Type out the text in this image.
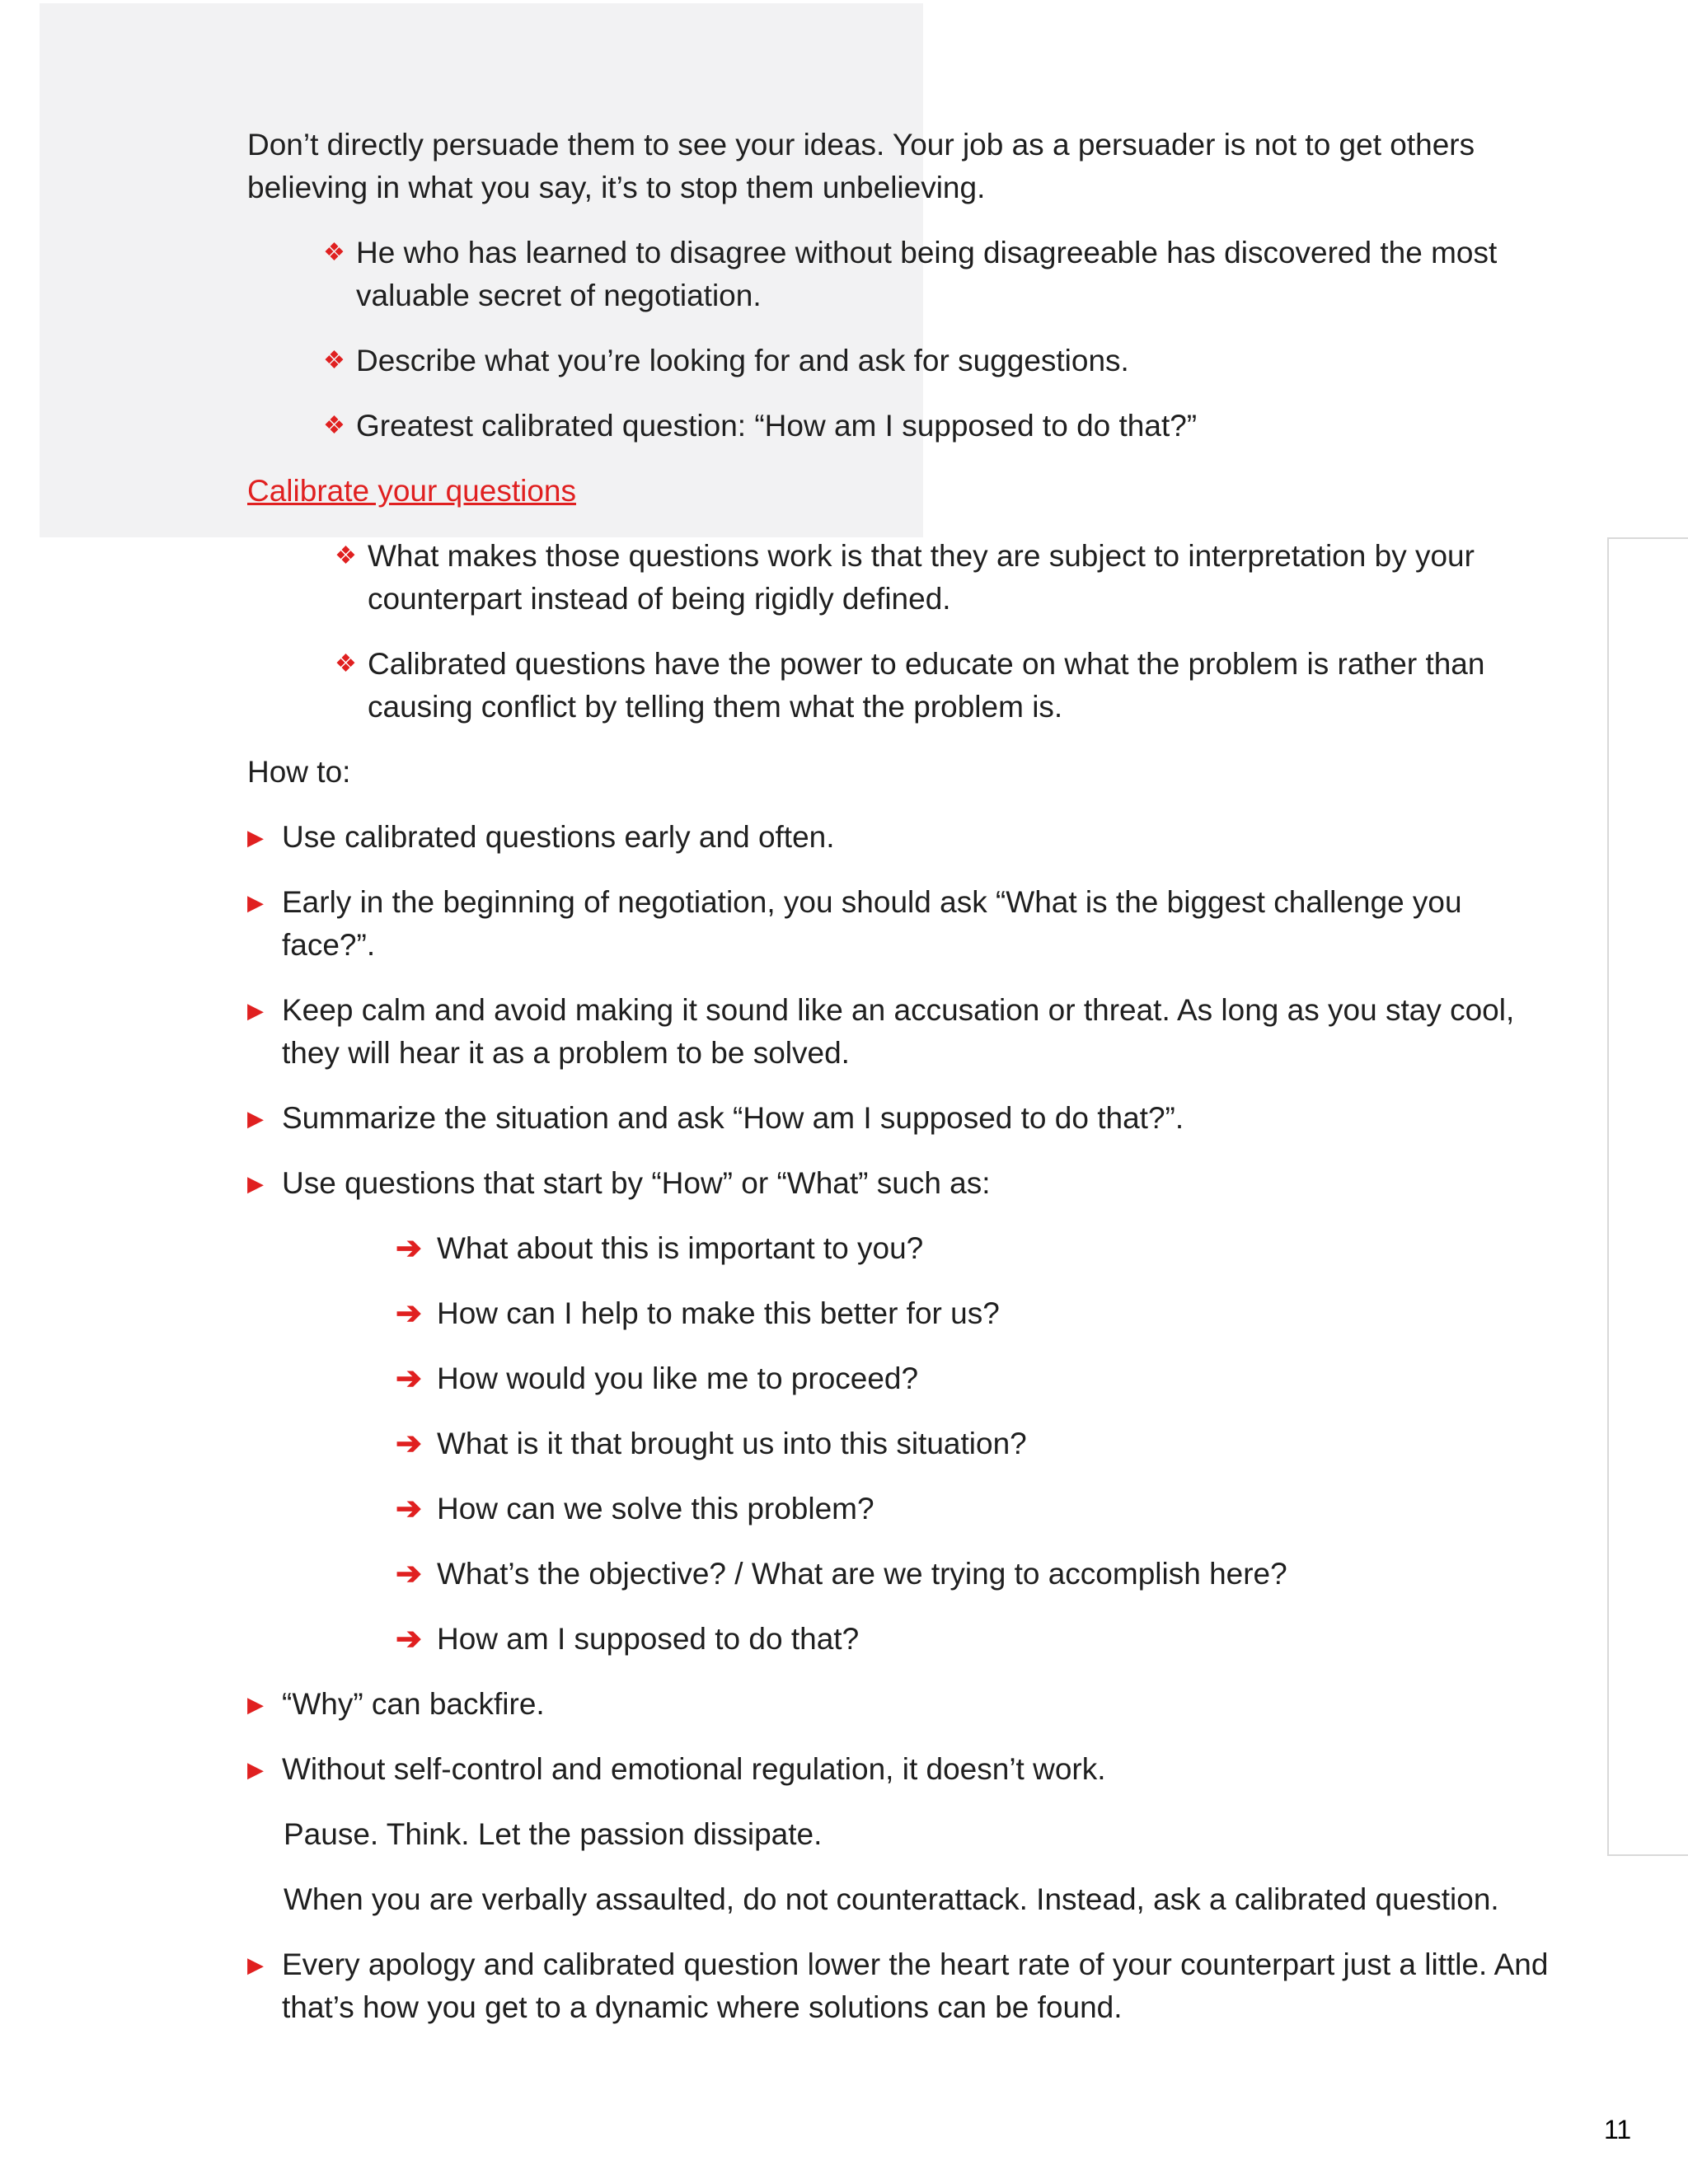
Don’t directly persuade them to see your ideas. Your job as a persuader is not to get others believing in what you say, it’s to stop them unbelieving.

❖ He who has learned to disagree without being disagreeable has discovered the most valuable secret of negotiation.
❖ Describe what you’re looking for and ask for suggestions.
❖ Greatest calibrated question: “How am I supposed to do that?”
Calibrate your questions
❖ What makes those questions work is that they are subject to interpretation by your counterpart instead of being rigidly defined.
❖ Calibrated questions have the power to educate on what the problem is rather than causing conflict by telling them what the problem is.

How to:

▶ Use calibrated questions early and often.
▶ Early in the beginning of negotiation, you should ask “What is the biggest challenge you face?”.
▶ Keep calm and avoid making it sound like an accusation or threat. As long as you stay cool, they will hear it as a problem to be solved.
▶ Summarize the situation and ask “How am I supposed to do that?”.
▶ Use questions that start by “How” or “What” such as:
➔ What about this is important to you?
➔ How can I help to make this better for us?
➔ How would you like me to proceed?
➔ What is it that brought us into this situation?
➔ How can we solve this problem?
➔ What’s the objective? / What are we trying to accomplish here?
➔ How am I supposed to do that?
▶ “Why” can backfire.
▶ Without self-control and emotional regulation, it doesn’t work.

Pause. Think. Let the passion dissipate.

When you are verbally assaulted, do not counterattack. Instead, ask a calibrated question.

▶ Every apology and calibrated question lower the heart rate of your counterpart just a little. And that’s how you get to a dynamic where solutions can be found.
11
